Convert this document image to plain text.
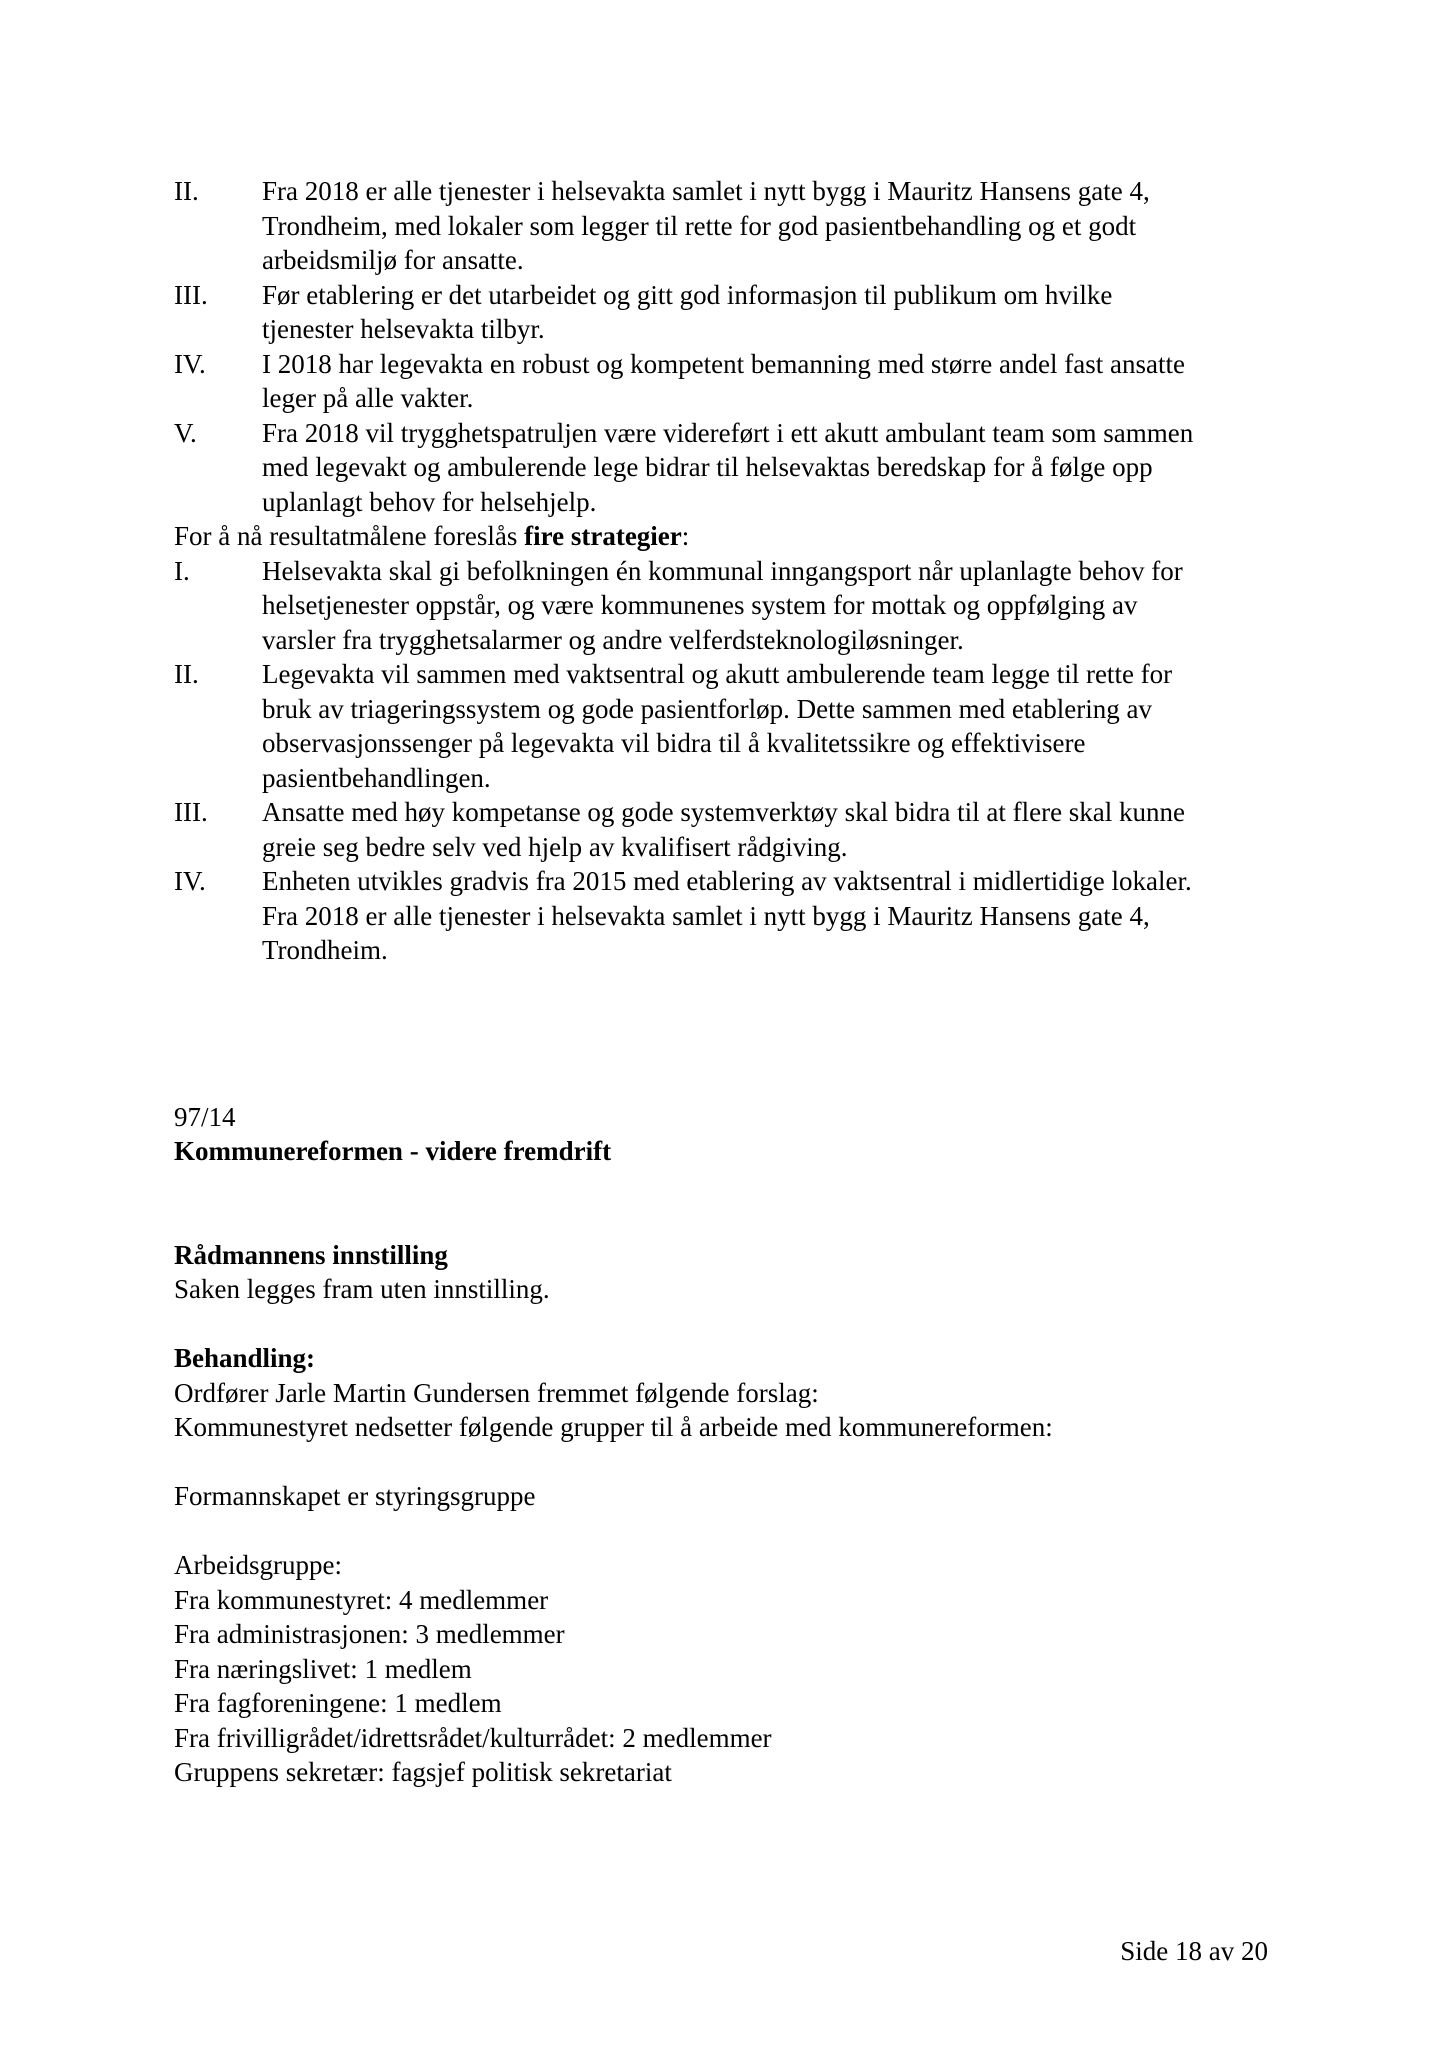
II.	Fra 2018 er alle tjenester i helsevakta samlet i nytt bygg i Mauritz Hansens gate 4,
Trondheim, med lokaler som legger til rette for god pasientbehandling og et godt
arbeidsmiljø for ansatte.
III.	Før etablering er det utarbeidet og gitt god informasjon til publikum om hvilke
tjenester helsevakta tilbyr.
IV.	I 2018 har legevakta en robust og kompetent bemanning med større andel fast ansatte
leger på alle vakter.
V.	Fra 2018 vil trygghetspatruljen være videreført i ett akutt ambulant team som sammen
med legevakt og ambulerende lege bidrar til helsevaktas beredskap for å følge opp
uplanlagt behov for helsehjelp.

For å nå resultatmålene foreslås fire strategier:

I.	Helsevakta skal gi befolkningen én kommunal inngangsport når uplanlagte behov for
helsetjenester oppstår, og være kommunenes system for mottak og oppfølging av
varsler fra trygghetsalarmer og andre velferdsteknologiløsninger.
II.	Legevakta vil sammen med vaktsentral og akutt ambulerende team legge til rette for
bruk av triageringssystem og gode pasientforløp. Dette sammen med etablering av
observasjonssenger på legevakta vil bidra til å kvalitetssikre og effektivisere
pasientbehandlingen.
III.	Ansatte med høy kompetanse og gode systemverktøy skal bidra til at flere skal kunne
greie seg bedre selv ved hjelp av kvalifisert rådgiving.
IV.	Enheten utvikles gradvis fra 2015 med etablering av vaktsentral i midlertidige lokaler.
Fra 2018 er alle tjenester i helsevakta samlet i nytt bygg i Mauritz Hansens gate 4,
Trondheim.

97/14

Kommunereformen - videre fremdrift

Rådmannens innstilling

Saken legges fram uten innstilling.

Behandling:

Ordfører Jarle Martin Gundersen fremmet følgende forslag:

Kommunestyret nedsetter følgende grupper til å arbeide med kommunereformen:

Formannskapet er styringsgruppe

Arbeidsgruppe:

Fra kommunestyret: 4 medlemmer

Fra administrasjonen: 3 medlemmer

Fra næringslivet: 1 medlem

Fra fagforeningene: 1 medlem

Fra frivilligrådet/idrettsrådet/kulturrådet: 2 medlemmer

Gruppens sekretær: fagsjef politisk sekretariat

Side 18 av 20
